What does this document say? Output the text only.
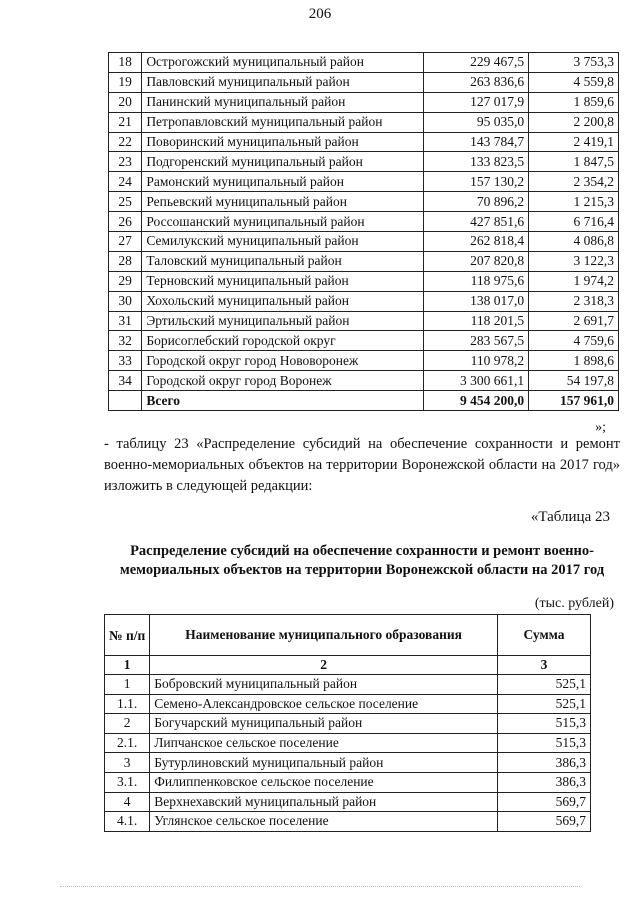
206
18	Острогожский муниципальный район	229 467,5	3 753,3
19	Павловский муниципальный район	263 836,6	4 559,8
20	Панинский муниципальный район	127 017,9	1 859,6
21	Петропавловский муниципальный район	95 035,0	2 200,8
22	Поворинский муниципальный район	143 784,7	2 419,1
23	Подгоренский муниципальный район	133 823,5	1 847,5
24	Рамонский муниципальный район	157 130,2	2 354,2
25	Репьевский муниципальный район	70 896,2	1 215,3
26	Россошанский муниципальный район	427 851,6	6 716,4
27	Семилукский муниципальный район	262 818,4	4 086,8
28	Таловский муниципальный район	207 820,8	3 122,3
29	Терновский муниципальный район	118 975,6	1 974,2
30	Хохольский муниципальный район	138 017,0	2 318,3
31	Эртильский муниципальный район	118 201,5	2 691,7
32	Борисоглебский городской округ	283 567,5	4 759,6
33	Городской округ город Нововоронеж	110 978,2	1 898,6
34	Городской округ город Воронеж	3 300 661,1	54 197,8
	Всего	9 454 200,0	157 961,0
»;
- таблицу 23 «Распределение субсидий на обеспечение сохранности и ремонт военно-мемориальных объектов на территории Воронежской области на 2017 год» изложить в следующей редакции:
«Таблица 23
Распределение субсидий на обеспечение сохранности и ремонт военно-мемориальных объектов на территории Воронежской области на 2017 год
(тыс. рублей)
№ п/п	Наименование муниципального образования	Сумма
1	2	3
1	Бобровский муниципальный район	525,1
1.1.	Семено-Александровское сельское поселение	525,1
2	Богучарский муниципальный район	515,3
2.1.	Липчанское сельское поселение	515,3
3	Бутурлиновский муниципальный район	386,3
3.1.	Филиппенковское сельское поселение	386,3
4	Верхнехавский муниципальный район	569,7
4.1.	Углянское сельское поселение	569,7
